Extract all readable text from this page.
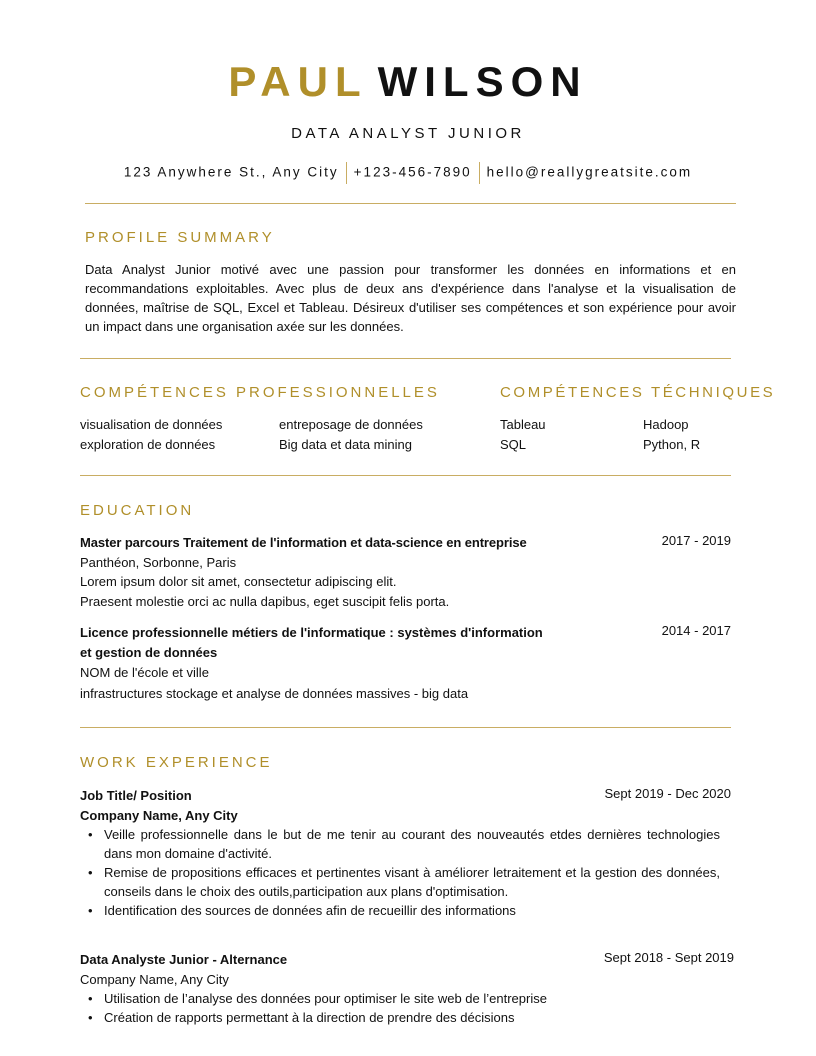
PAUL WILSON
DATA ANALYST JUNIOR
123 Anywhere St., Any City +123-456-7890 hello@reallygreatsite.com
PROFILE SUMMARY
Data Analyst Junior motivé avec une passion pour transformer les données en informations et en recommandations exploitables. Avec plus de deux ans d'expérience dans l'analyse et la visualisation de données, maîtrise de SQL, Excel et Tableau. Désireux d'utiliser ses compétences et son expérience pour avoir un impact dans une organisation axée sur les données.
COMPÉTENCES PROFESSIONNELLES
visualisation de données
exploration de données
entreposage de données
Big data et data mining
COMPÉTENCES TÉCHNIQUES
Tableau
SQL
Hadoop
Python, R
EDUCATION
Master parcours Traitement de l'information et data-science en entreprise
Panthéon, Sorbonne, Paris
Lorem ipsum dolor sit amet, consectetur adipiscing elit.
Praesent molestie orci ac nulla dapibus, eget suscipit felis porta.
2017 - 2019
Licence professionnelle métiers de l'informatique : systèmes d'information
et gestion de données
NOM de l'école et ville
infrastructures stockage et analyse de données massives - big data
2014 - 2017
WORK EXPERIENCE
Job Title/ Position
Company Name, Any City
• Veille professionnelle dans le but de me tenir au courant des nouveautés etdes dernières technologies dans mon domaine d'activité.
• Remise de propositions efficaces et pertinentes visant à améliorer letraitement et la gestion des données, conseils dans le choix des outils,participation aux plans d'optimisation.
• Identification des sources de données afin de recueillir des informations
Sept 2019 - Dec 2020
Data Analyste Junior - Alternance
Company Name, Any City
• Utilisation de l’analyse des données pour optimiser le site web de l’entreprise
• Création de rapports permettant à la direction de prendre des décisions
Sept 2018 - Sept 2019
